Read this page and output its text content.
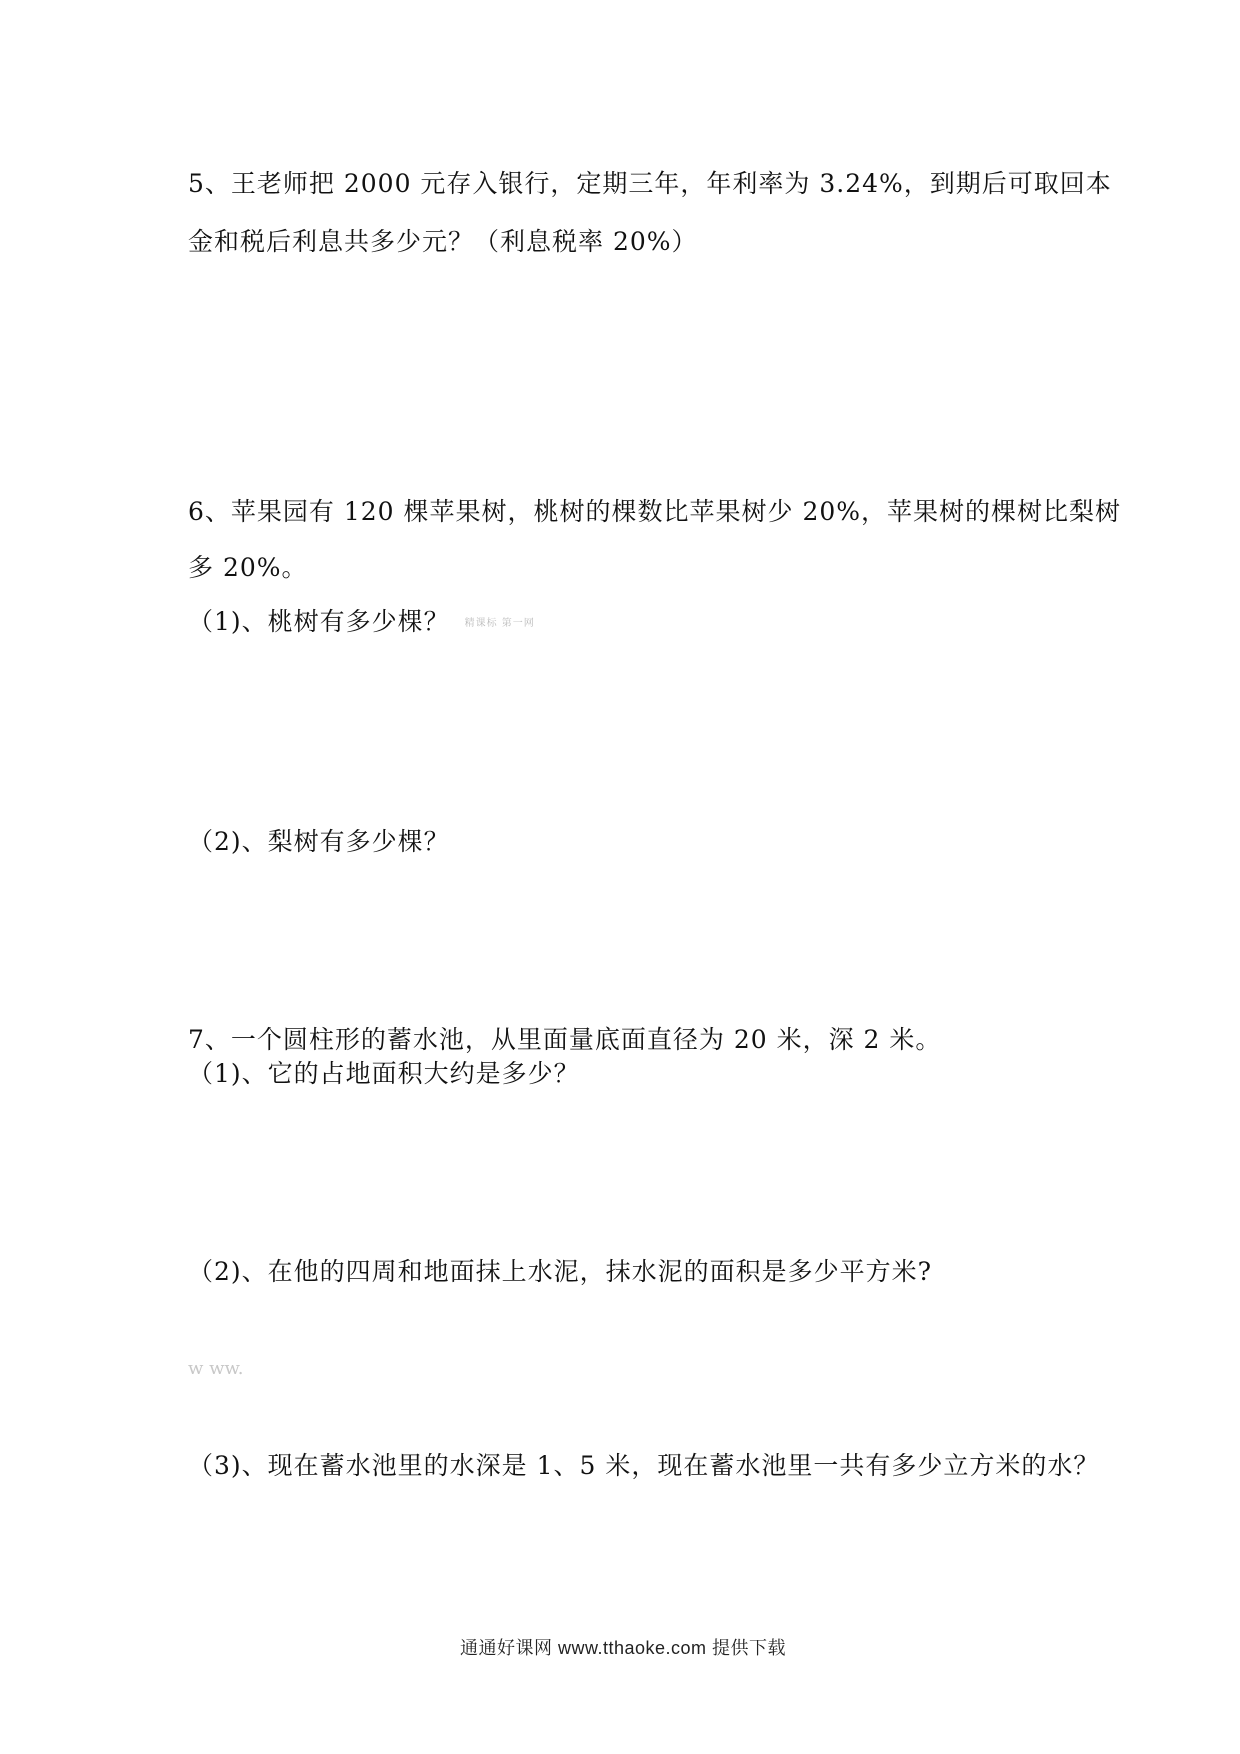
5、王老师把 2000 元存入银行，定期三年，年利率为 3.24%，到期后可取回本
金和税后利息共多少元？（利息税率 20%）
6、苹果园有 120 棵苹果树，桃树的棵数比苹果树少 20%，苹果树的棵树比梨树
多 20%。
（1)、桃树有多少棵？ 精课标 第一网
（2)、梨树有多少棵？
7、一个圆柱形的蓄水池，从里面量底面直径为 20 米，深 2 米。
（1)、它的占地面积大约是多少？
（2)、在他的四周和地面抹上水泥，抹水泥的面积是多少平方米?
w ww.
（3)、现在蓄水池里的水深是 1、5 米，现在蓄水池里一共有多少立方米的水？
通通好课网 www.tthaoke.com 提供下载
